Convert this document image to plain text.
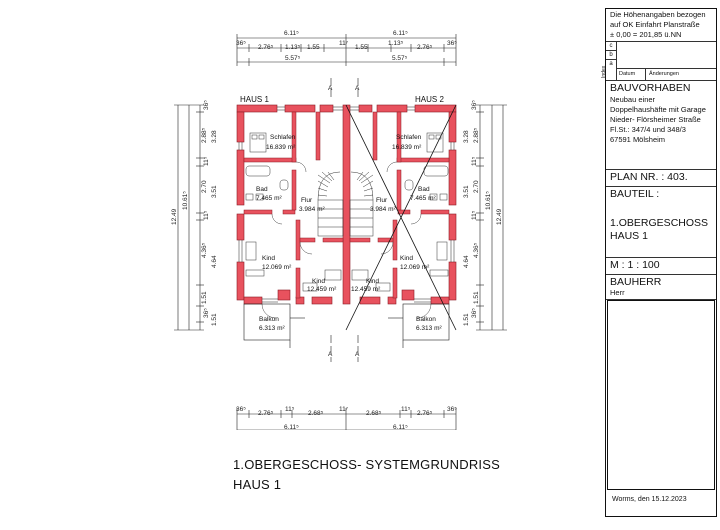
6.11⁵	6.11⁵
36⁵
2.76⁵ 1.13⁵ 1.55
11⁷
1.55
1.13⁵
2.76⁵
36⁵
5.57⁵	5.57⁵
36⁵
3.28
2.88⁵
11⁵
2.70 3.51
11⁵
4.36⁵
4.64
1.51
36⁵
1.51
10.61⁵
12.49
36⁵
3.28 2.88⁵
11⁵
2.70
3.51
11⁵
4.36⁵
4.64
1.51
36⁵
1.51
10.61⁵
12.49
A	A
A	A
HAUS 1	HAUS 2
Schlafen
16.839 m²
Schlafen
16.839 m²
Bad
7.465 m²
Bad
7.465 m²
Flur
3.984 m²
Flur
3.984 m²
Kind
12.069 m²
Kind
12.069 m²
Kind
12.459 m²
Kind
12.459 m²
Balkon
6.313 m²
Balkon
6.313 m²
36⁵
2.76⁵
11⁵
2.68⁵
11⁷
2.68⁵
11⁵
2.76⁵
36⁵
6.11⁵	6.11⁵
1.OBERGESCHOSS- SYSTEMGRUNDRISS
HAUS 1
Die Höhenangaben bezogen
auf OK Einfahrt Planstraße
± 0,00 = 201,85 ü.NN
c
b
a
Index	Datum	Änderungen
BAUVORHABEN
Neubau einer
Doppelhaushäfte mit Garage
Nieder- Flörsheimer Straße
Fl.St.: 347/4 und 348/3
67591 Mölsheim
PLAN NR. : 403.
BAUTEIL :
1.OBERGESCHOSS
HAUS 1
M : 1 : 100
BAUHERR
Herr
Worms, den 15.12.2023
